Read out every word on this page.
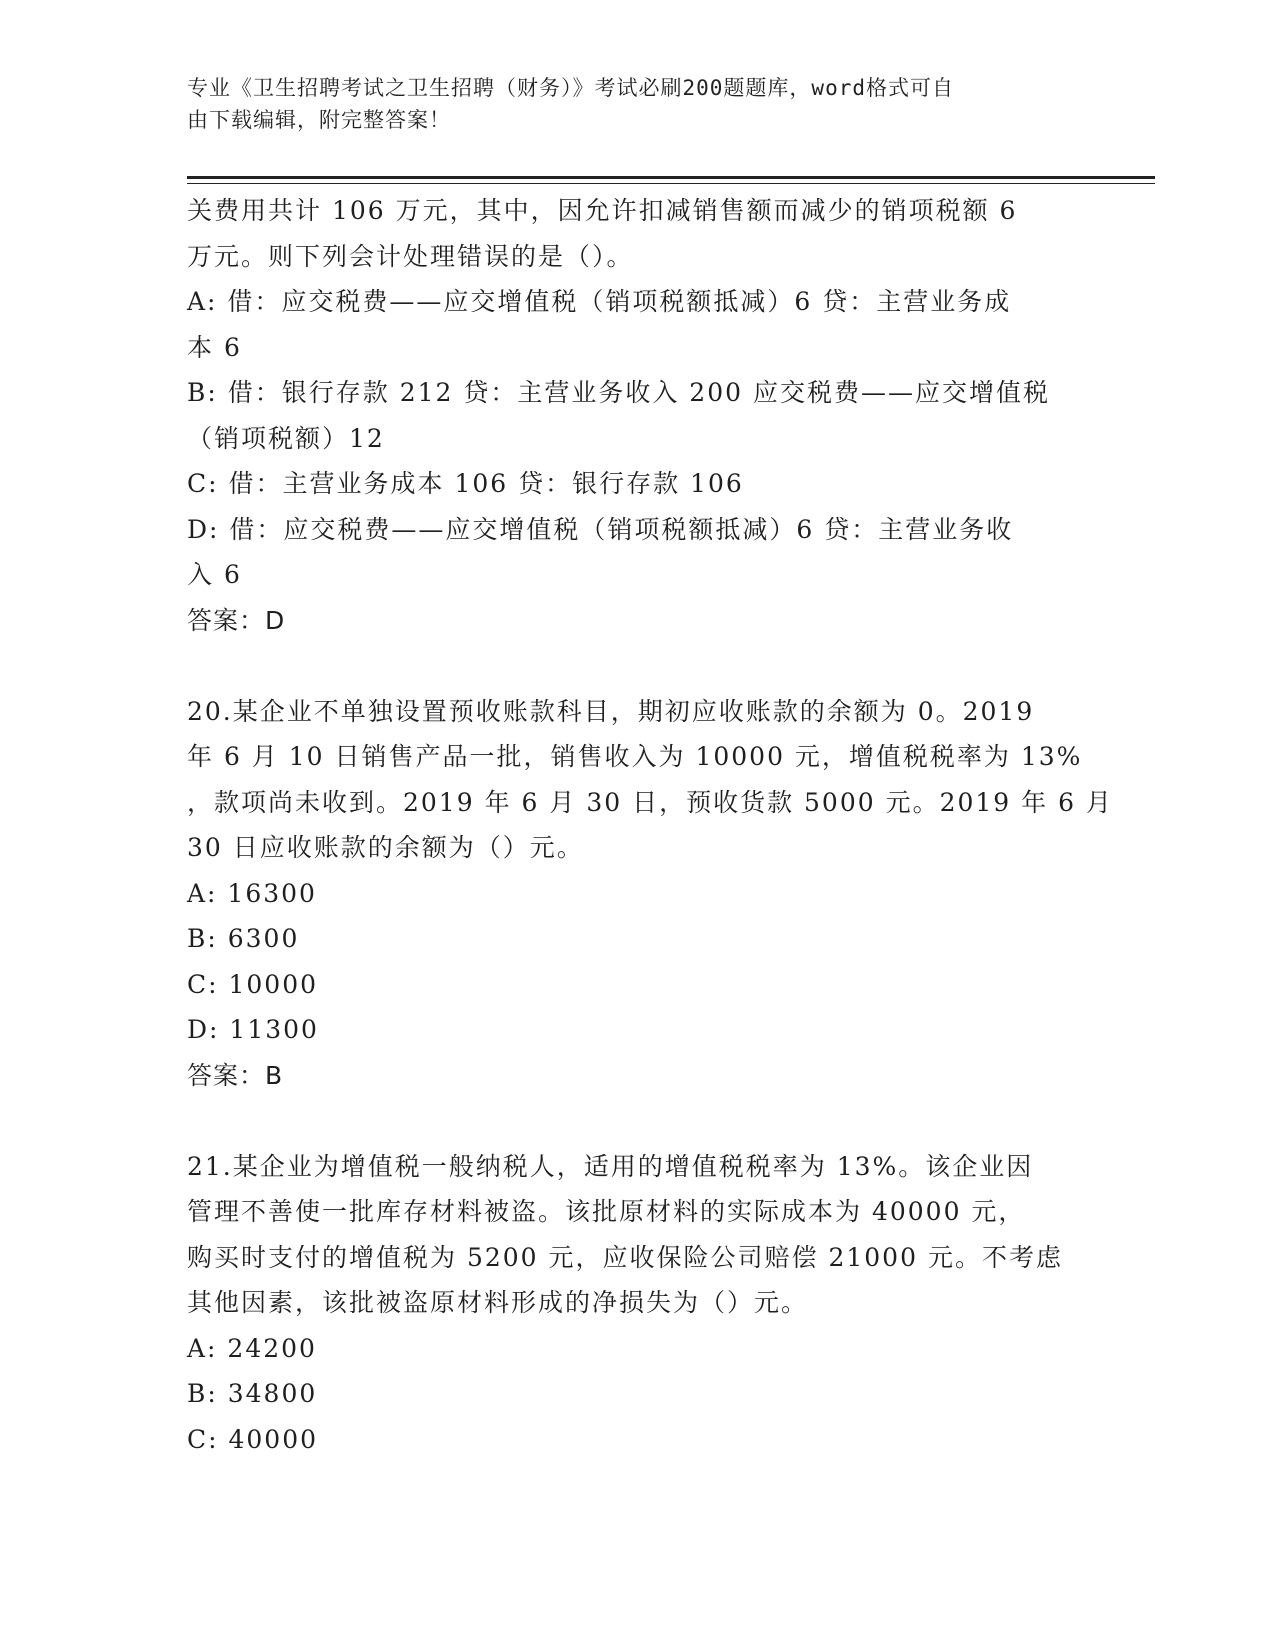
专业《卫生招聘考试之卫生招聘（财务）》考试必刷200题题库，word格式可自
由下载编辑，附完整答案！
关费用共计 106 万元，其中，因允许扣减销售额而减少的销项税额 6
万元。则下列会计处理错误的是（）。
A: 借：应交税费——应交增值税（销项税额抵减）6 贷：主营业务成
本 6
B: 借：银行存款 212 贷：主营业务收入 200 应交税费——应交增值税
（销项税额）12
C: 借：主营业务成本 106 贷：银行存款 106
D: 借：应交税费——应交增值税（销项税额抵减）6 贷：主营业务收
入 6
答案：D
20.某企业不单独设置预收账款科目，期初应收账款的余额为 0。2019
年 6 月 10 日销售产品一批，销售收入为 10000 元，增值税税率为 13%
，款项尚未收到。2019 年 6 月 30 日，预收货款 5000 元。2019 年 6 月
30 日应收账款的余额为（）元。
A: 16300
B: 6300
C: 10000
D: 11300
答案：B
21.某企业为增值税一般纳税人，适用的增值税税率为 13%。该企业因
管理不善使一批库存材料被盗。该批原材料的实际成本为 40000 元，
购买时支付的增值税为 5200 元，应收保险公司赔偿 21000 元。不考虑
其他因素，该批被盗原材料形成的净损失为（）元。
A: 24200
B: 34800
C: 40000
